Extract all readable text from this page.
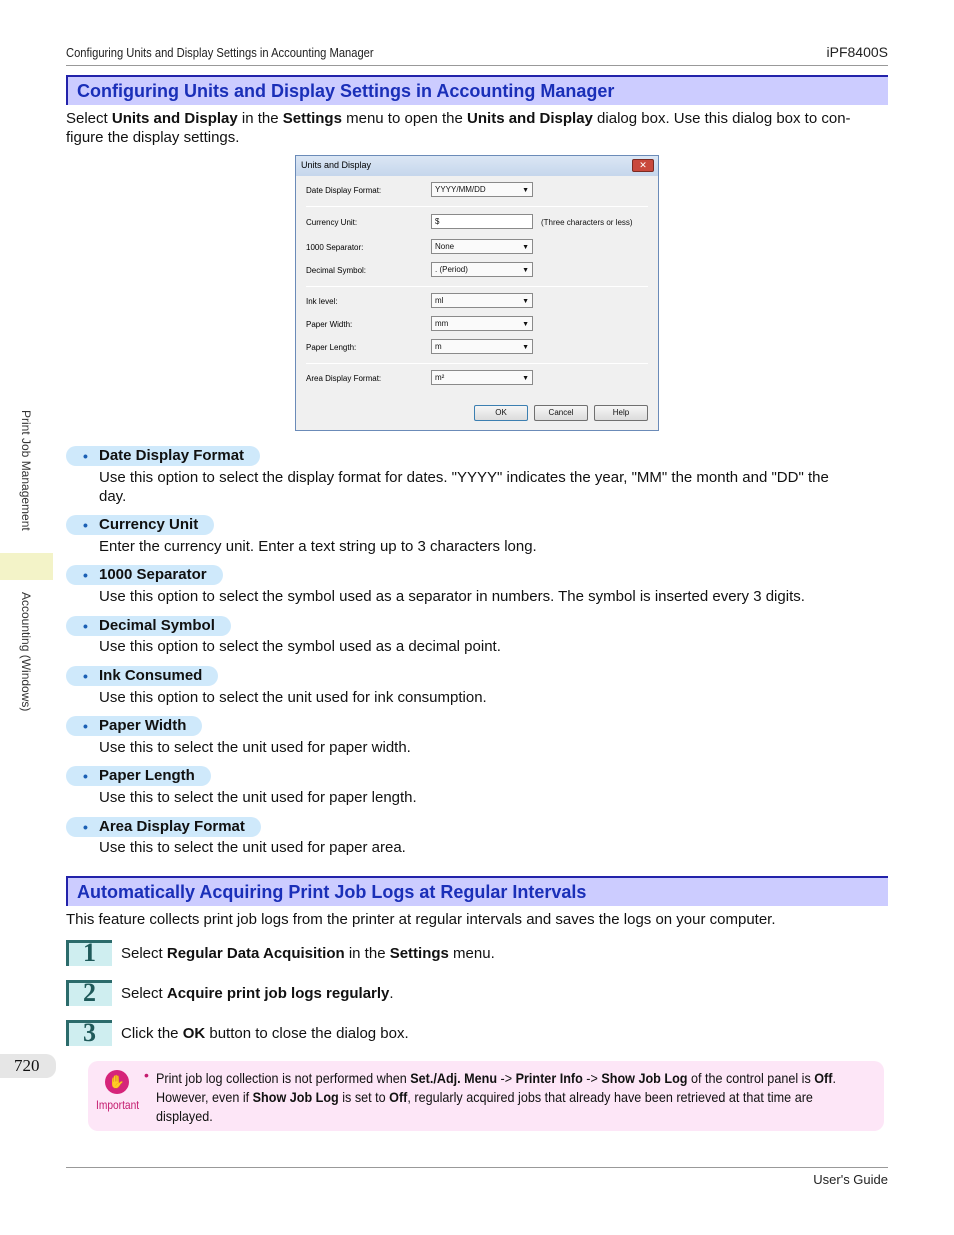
Configuring Units and Display Settings in Accounting Manager	iPF8400S
Configuring Units and Display Settings in Accounting Manager
Select Units and Display in the Settings menu to open the Units and Display dialog box. Use this dialog box to con-
figure the display settings.
Units and Display	✕
Date Display Format:	YYYY/MM/DD	▼
Currency Unit:	$	(Three characters or less)
1000 Separator:	None	▼
Decimal Symbol:	. (Period)	▼
Ink level:	ml	▼
Paper Width:	mm	▼
Paper Length:	m	▼
Area Display Format:	m²	▼
OK	Cancel	Help
• Date Display Format
Use this option to select the display format for dates. "YYYY" indicates the year, "MM" the month and "DD" the
day.
• Currency Unit
Enter the currency unit. Enter a text string up to 3 characters long.
• 1000 Separator
Use this option to select the symbol used as a separator in numbers. The symbol is inserted every 3 digits.
• Decimal Symbol
Use this option to select the symbol used as a decimal point.
• Ink Consumed
Use this option to select the unit used for ink consumption.
• Paper Width
Use this to select the unit used for paper width.
• Paper Length
Use this to select the unit used for paper length.
• Area Display Format
Use this to select the unit used for paper area.
Automatically Acquiring Print Job Logs at Regular Intervals
This feature collects print job logs from the printer at regular intervals and saves the logs on your computer.
1 Select Regular Data Acquisition in the Settings menu.
2 Select Acquire print job logs regularly.
3 Click the OK button to close the dialog box.
Print Job Management
Accounting (Windows)
720
✋
Important
• Print job log collection is not performed when Set./Adj. Menu -> Printer Info -> Show Job Log of the control panel is Off.
However, even if Show Job Log is set to Off, regularly acquired jobs that already have been retrieved at that time are
displayed.
User's Guide
